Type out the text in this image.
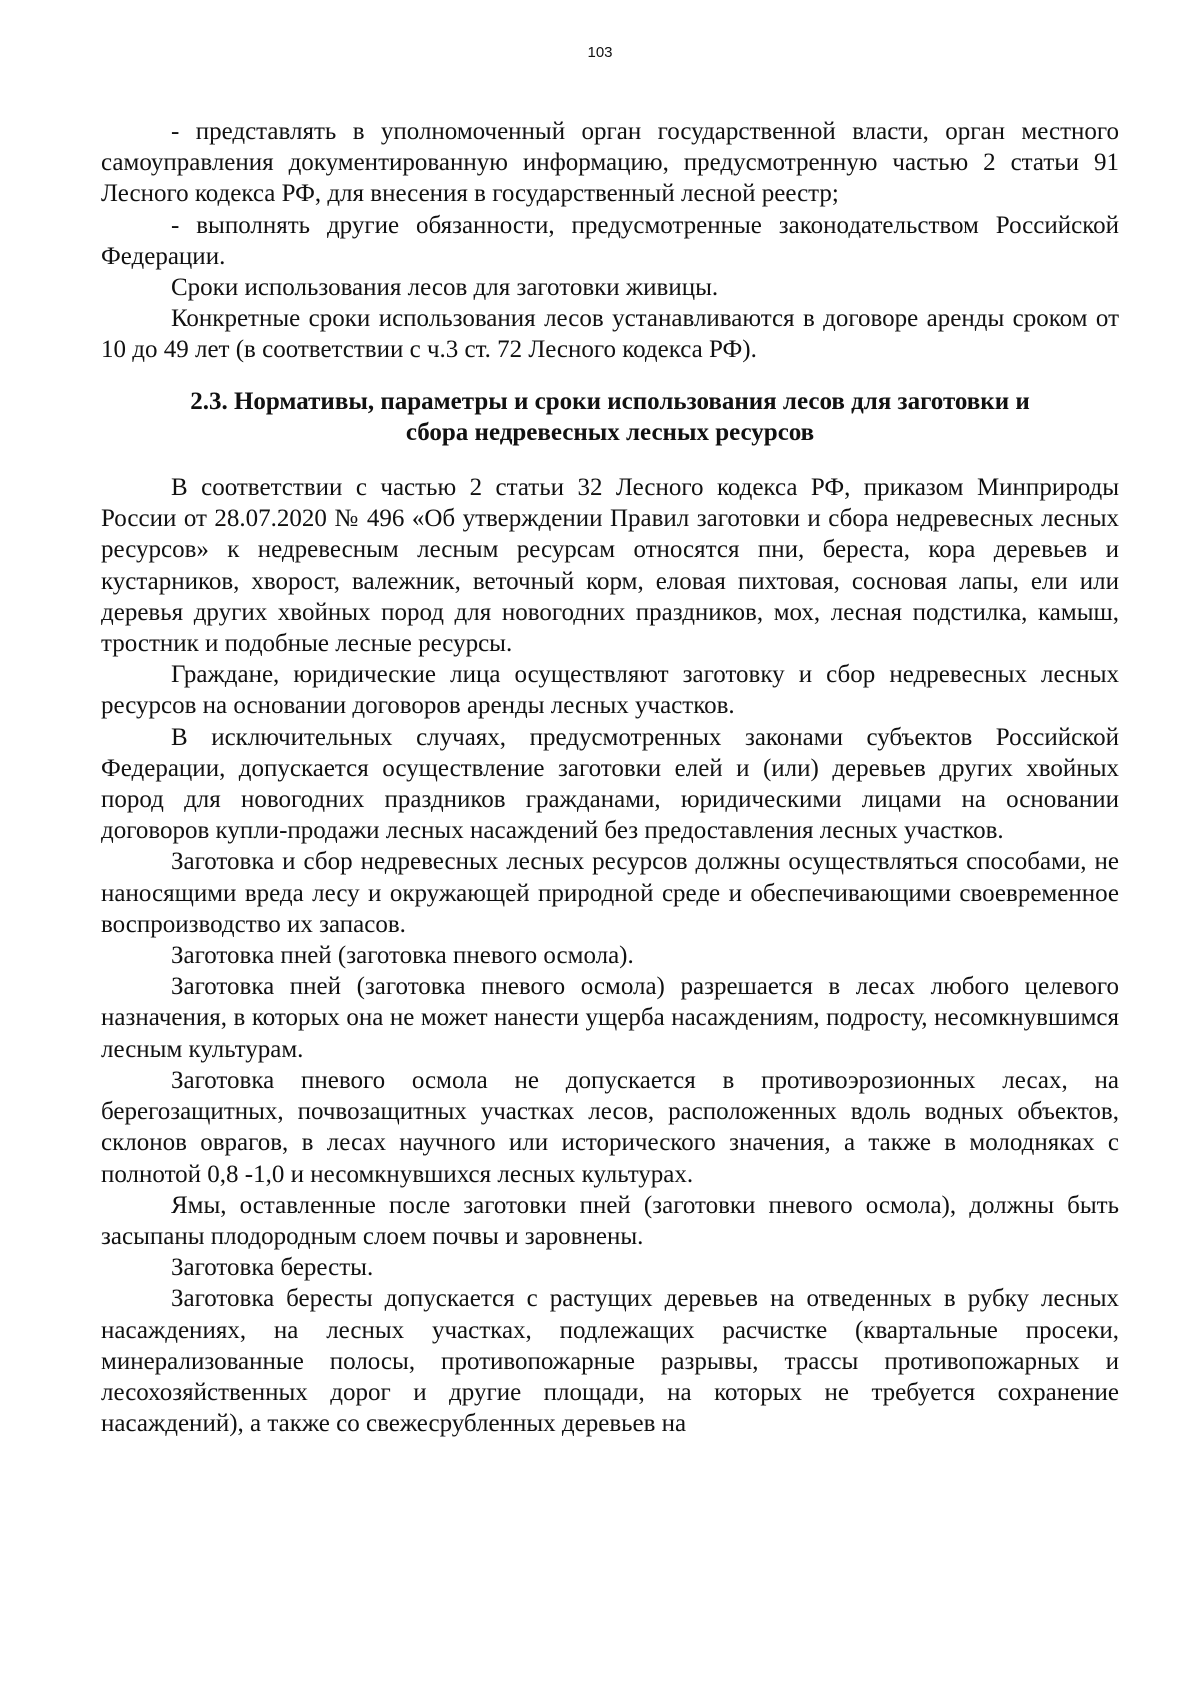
103

- представлять в уполномоченный орган государственной власти, орган местного самоуправления документированную информацию, предусмотренную частью 2 статьи 91 Лесного кодекса РФ, для внесения в государственный лесной реестр;

- выполнять другие обязанности, предусмотренные законодательством Российской Федерации.

Сроки использования лесов для заготовки живицы.

Конкретные сроки использования лесов устанавливаются в договоре аренды сроком от 10 до 49 лет (в соответствии с ч.3 ст. 72 Лесного кодекса РФ).

2.3. Нормативы, параметры и сроки использования лесов для заготовки и
сбора недревесных лесных ресурсов

В соответствии с частью 2 статьи 32 Лесного кодекса РФ, приказом Минприроды России от 28.07.2020 № 496 «Об утверждении Правил заготовки и сбора недревесных лесных ресурсов» к недревесным лесным ресурсам относятся пни, береста, кора деревьев и кустарников, хворост, валежник, веточный корм, еловая пихтовая, сосновая лапы, ели или деревья других хвойных пород для новогодних праздников, мох, лесная подстилка, камыш, тростник и подобные лесные ресурсы.

Граждане, юридические лица осуществляют заготовку и сбор недревесных лесных ресурсов на основании договоров аренды лесных участков.

В исключительных случаях, предусмотренных законами субъектов Российской Федерации, допускается осуществление заготовки елей и (или) деревьев других хвойных пород для новогодних праздников гражданами, юридическими лицами на основании договоров купли-продажи лесных насаждений без предоставления лесных участков.

Заготовка и сбор недревесных лесных ресурсов должны осуществляться способами, не наносящими вреда лесу и окружающей природной среде и обеспечивающими своевременное воспроизводство их запасов.

Заготовка пней (заготовка пневого осмола).

Заготовка пней (заготовка пневого осмола) разрешается в лесах любого целевого назначения, в которых она не может нанести ущерба насаждениям, подросту, несомкнувшимся лесным культурам.

Заготовка пневого осмола не допускается в противоэрозионных лесах, на берегозащитных, почвозащитных участках лесов, расположенных вдоль водных объектов, склонов оврагов, в лесах научного или исторического значения, а также в молодняках с полнотой 0,8 -1,0 и несомкнувшихся лесных культурах.

Ямы, оставленные после заготовки пней (заготовки пневого осмола), должны быть засыпаны плодородным слоем почвы и заровнены.

Заготовка бересты.

Заготовка бересты допускается с растущих деревьев на отведенных в рубку лесных насаждениях, на лесных участках, подлежащих расчистке (квартальные просеки, минерализованные полосы, противопожарные разрывы, трассы противопожарных и лесохозяйственных дорог и другие площади, на которых не требуется сохранение насаждений), а также со свежесрубленных деревьев на
